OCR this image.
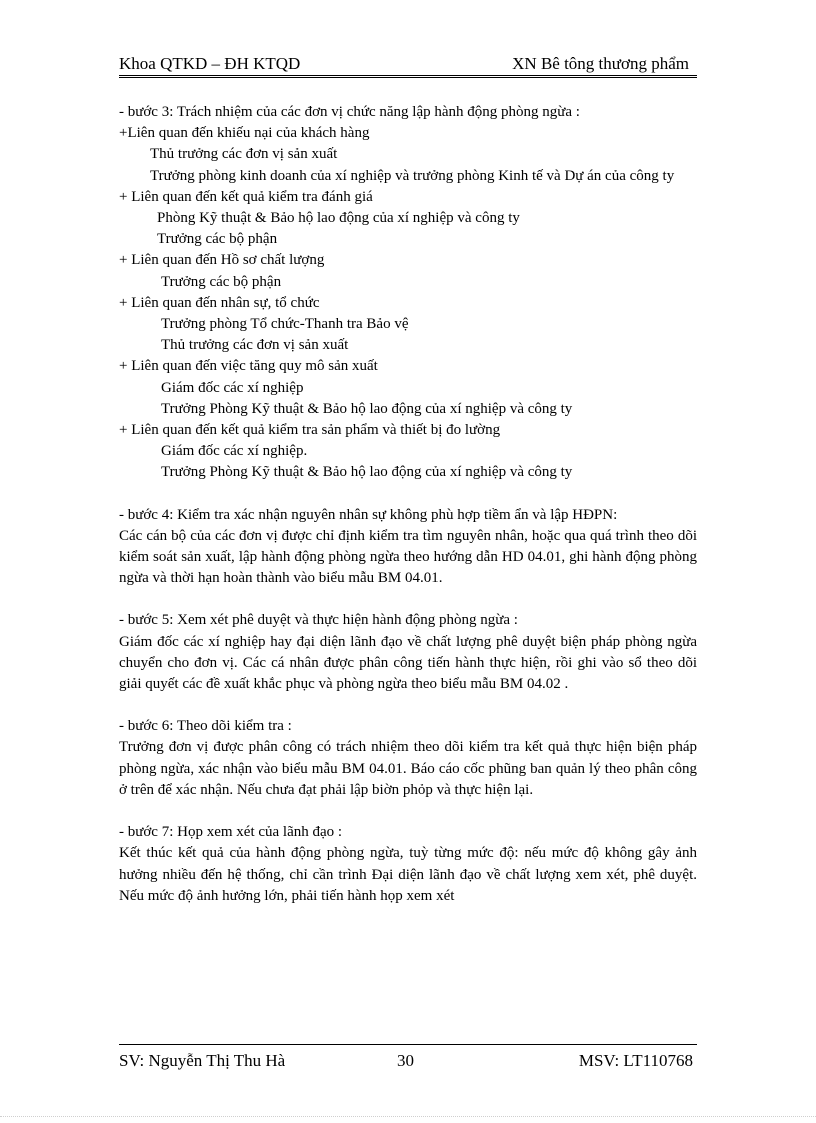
Khoa QTKD – ĐH KTQD	XN Bê tông thương phẩm

- bước 3: Trách nhiệm của các đơn vị chức năng lập hành động phòng ngừa :

+Liên quan đến khiếu nại của khách hàng

Thủ trưởng các đơn vị sản xuất

Trưởng phòng kinh doanh của xí nghiệp và trưởng phòng Kinh tế và Dự án của công ty

+ Liên quan đến kết quả kiểm tra đánh giá

Phòng Kỹ thuật & Bảo hộ lao động của xí nghiệp và công ty

Trưởng các bộ phận

+ Liên quan đến Hồ sơ chất lượng

Trưởng các bộ phận

+ Liên quan đến nhân sự, tổ chức

Trưởng phòng Tổ chức-Thanh tra Bảo vệ

Thủ trưởng các đơn vị sản xuất

+ Liên quan đến việc tăng quy mô sản xuất

Giám đốc các xí nghiệp

Trưởng Phòng Kỹ thuật & Bảo hộ lao động của xí nghiệp và công ty

+ Liên quan đến kết quả kiểm tra sản phẩm và thiết bị đo lường

Giám đốc các xí nghiệp.

Trưởng Phòng Kỹ thuật & Bảo hộ lao động của xí nghiệp và công ty

- bước 4: Kiểm tra xác nhận nguyên nhân sự không phù hợp tiềm ẩn và lập HĐPN:

Các cán bộ của các đơn vị được chỉ định kiểm tra tìm nguyên nhân, hoặc qua quá trình theo dõi kiểm soát sản xuất, lập hành động phòng ngừa theo hướng dẫn HD 04.01, ghi hành động phòng ngừa và thời hạn hoàn thành vào biểu mẫu BM 04.01.

- bước 5: Xem xét phê duyệt và thực hiện hành động phòng ngừa :

Giám đốc các xí nghiệp hay đại diện lãnh đạo về chất lượng phê duyệt biện pháp phòng ngừa chuyển cho đơn vị. Các cá nhân được phân công tiến hành thực hiện, rồi ghi vào sổ theo dõi giải quyết các đề xuất khắc phục và phòng ngừa theo biểu mẫu BM 04.02 .

- bước 6: Theo dõi kiểm tra :

Trưởng đơn vị được phân công có trách nhiệm theo dõi kiểm tra kết quả thực hiện biện pháp phòng ngừa, xác nhận vào biểu mẫu BM 04.01. Báo cáo cốc phũng ban quản lý theo phân công ở trên để xác nhận. Nếu chưa đạt phải lập biờn phỏp và thực hiện lại.

- bước 7: Họp xem xét của lãnh đạo :

Kết thúc kết quả của hành động phòng ngừa, tuỳ từng mức độ: nếu mức độ không gây ảnh hưởng nhiều đến hệ thống, chỉ cần trình Đại diện lãnh đạo về chất lượng xem xét, phê duyệt. Nếu mức độ ảnh hưởng lớn, phải tiến hành họp xem xét

SV: Nguyễn Thị Thu Hà	30	MSV: LT110768
